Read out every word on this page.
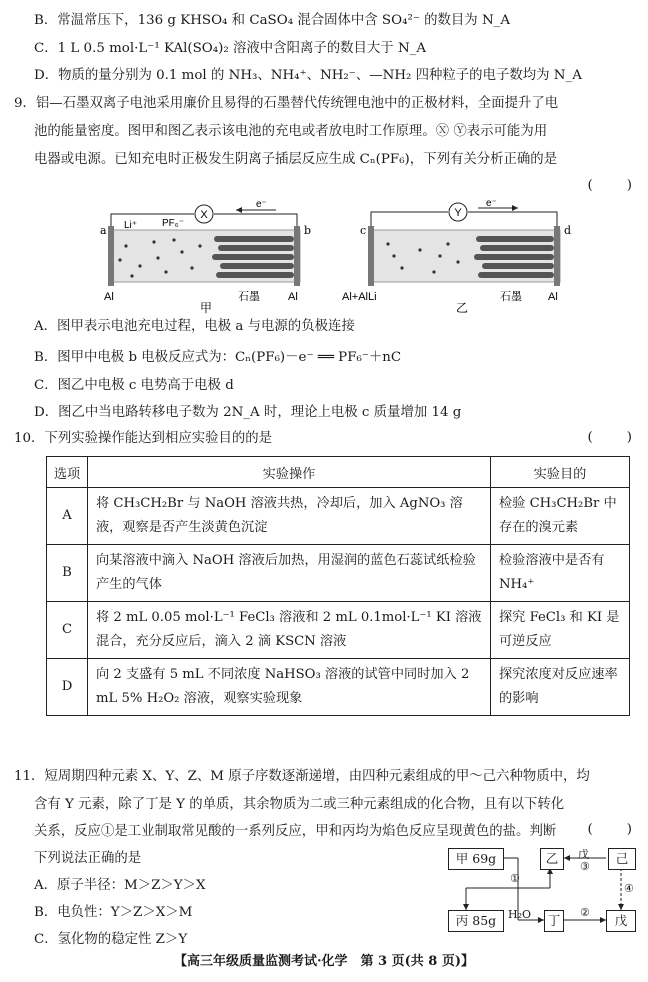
B．常温常压下，136 g KHSO₄ 和 CaSO₄ 混合固体中含 SO₄²⁻ 的数目为 N_A
C．1 L 0.5 mol·L⁻¹ KAl(SO₄)₂ 溶液中含阳离子的数目大于 N_A
D．物质的量分别为 0.1 mol 的 NH₃、NH₄⁺、NH₂⁻、—NH₂ 四种粒子的电子数均为 N_A
9．铝—石墨双离子电池采用廉价且易得的石墨替代传统锂电池中的正极材料，全面提升了电
池的能量密度。图甲和图乙表示该电池的充电或者放电时工作原理。Ⓧ Ⓨ表示可能为用
电器或电源。已知充电时正极发生阴离子插层反应生成 Cₙ(PF₆)，下列有关分析正确的是
(        )
X
e⁻
a	b
Li⁺ PF₆⁻
Al	石墨	Al
甲
Y
e⁻
c	d
Al+AlLi	石墨 Al
乙
A．图甲表示电池充电过程，电极 a 与电源的负极连接
B．图甲中电极 b 电极反应式为：Cₙ(PF₆)－e⁻ ══ PF₆⁻＋nC
C．图乙中电极 c 电势高于电极 d
D．图乙中当电路转移电子数为 2N_A 时，理论上电极 c 质量增加 14 g
10．下列实验操作能达到相应实验目的的是	(        )
选项	实验操作	实验目的
A	将 CH₃CH₂Br 与 NaOH 溶液共热，冷却后，加入 AgNO₃ 溶液，观察是否产生淡黄色沉淀	检验 CH₃CH₂Br 中存在的溴元素
B	向某溶液中滴入 NaOH 溶液后加热，用湿润的蓝色石蕊试纸检验产生的气体	检验溶液中是否有 NH₄⁺
C	将 2 mL 0.05 mol·L⁻¹ FeCl₃ 溶液和 2 mL 0.1mol·L⁻¹ KI 溶液混合，充分反应后，滴入 2 滴 KSCN 溶液	探究 FeCl₃ 和 KI 是可逆反应
D	向 2 支盛有 5 mL 不同浓度 NaHSO₃ 溶液的试管中同时加入 2 mL 5% H₂O₂ 溶液，观察实验现象	探究浓度对反应速率的影响
11．短周期四种元素 X、Y、Z、M 原子序数逐渐递增，由四种元素组成的甲～己六种物质中，均
含有 Y 元素，除了丁是 Y 的单质，其余物质为二或三种元素组成的化合物，且有以下转化
关系，反应①是工业制取常见酸的一系列反应，甲和丙均为焰色反应呈现黄色的盐。判断
下列说法正确的是
(        )
A．原子半径：M＞Z＞Y＞X
B．电负性：Y＞Z＞X＞M
C．氢化物的稳定性 Z＞Y
甲 69g	乙	己
丙 85g	丁	戊
①
②
③
④
H₂O
戊
【高三年级质量监测考试·化学　第 3 页(共 8 页)】
